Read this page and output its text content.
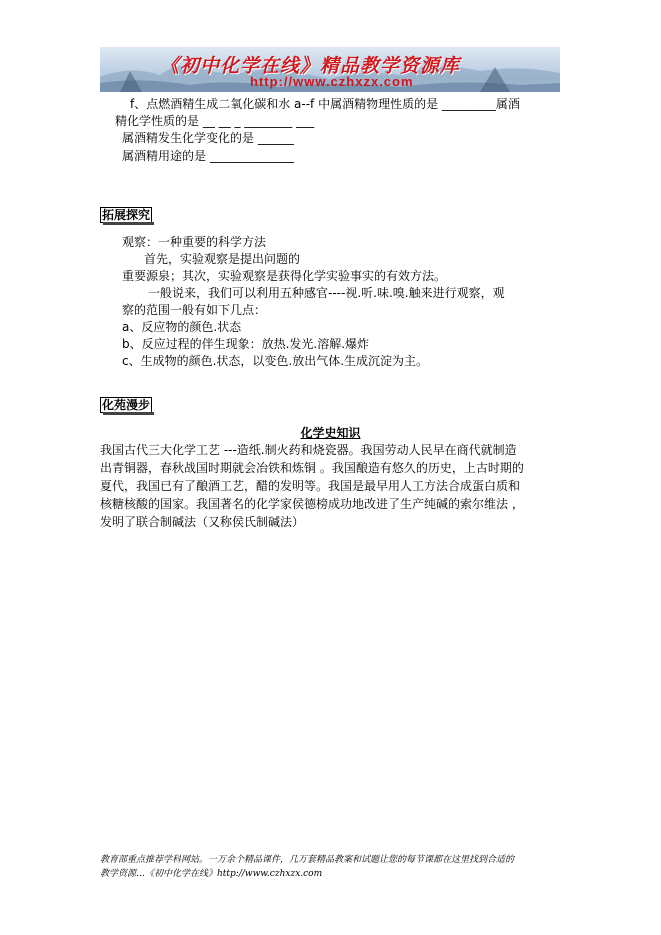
《初中化学在线》精品教学资源库
http://www.czhxzx.com
f、点燃酒精生成二氧化碳和水 a--f 中属酒精物理性质的是 _________属酒
精化学性质的是 __ __ _ ________ ___
属酒精发生化学变化的是 ______
属酒精用途的是 ______________
拓展探究
观察：一种重要的科学方法
首先，实验观察是提出问题的
重要源泉；其次，实验观察是获得化学实验事实的有效方法。
一般说来，我们可以利用五种感官----视.听.味.嗅.触来进行观察，观
察的范围一般有如下几点：
a、反应物的颜色.状态
b、反应过程的伴生现象：放热.发光.溶解.爆炸
c、生成物的颜色.状态，以变色.放出气体.生成沉淀为主。
化苑漫步
化学史知识
我国古代三大化学工艺 ---造纸.制火药和烧瓷器。我国劳动人民早在商代就制造
出青铜器，春秋战国时期就会冶铁和炼铜 。我国酿造有悠久的历史，上古时期的
夏代，我国已有了酿酒工艺，醋的发明等。我国是最早用人工方法合成蛋白质和
核糖核酸的国家。我国著名的化学家侯德榜成功地改进了生产纯碱的索尔维法 ，
发明了联合制碱法（又称侯氏制碱法）
教育部重点推荐学科网站。一万余个精品课件，几万套精品教案和试题让您的每节课都在这里找到合适的
教学资源…《初中化学在线》http://www.czhxzx.com
